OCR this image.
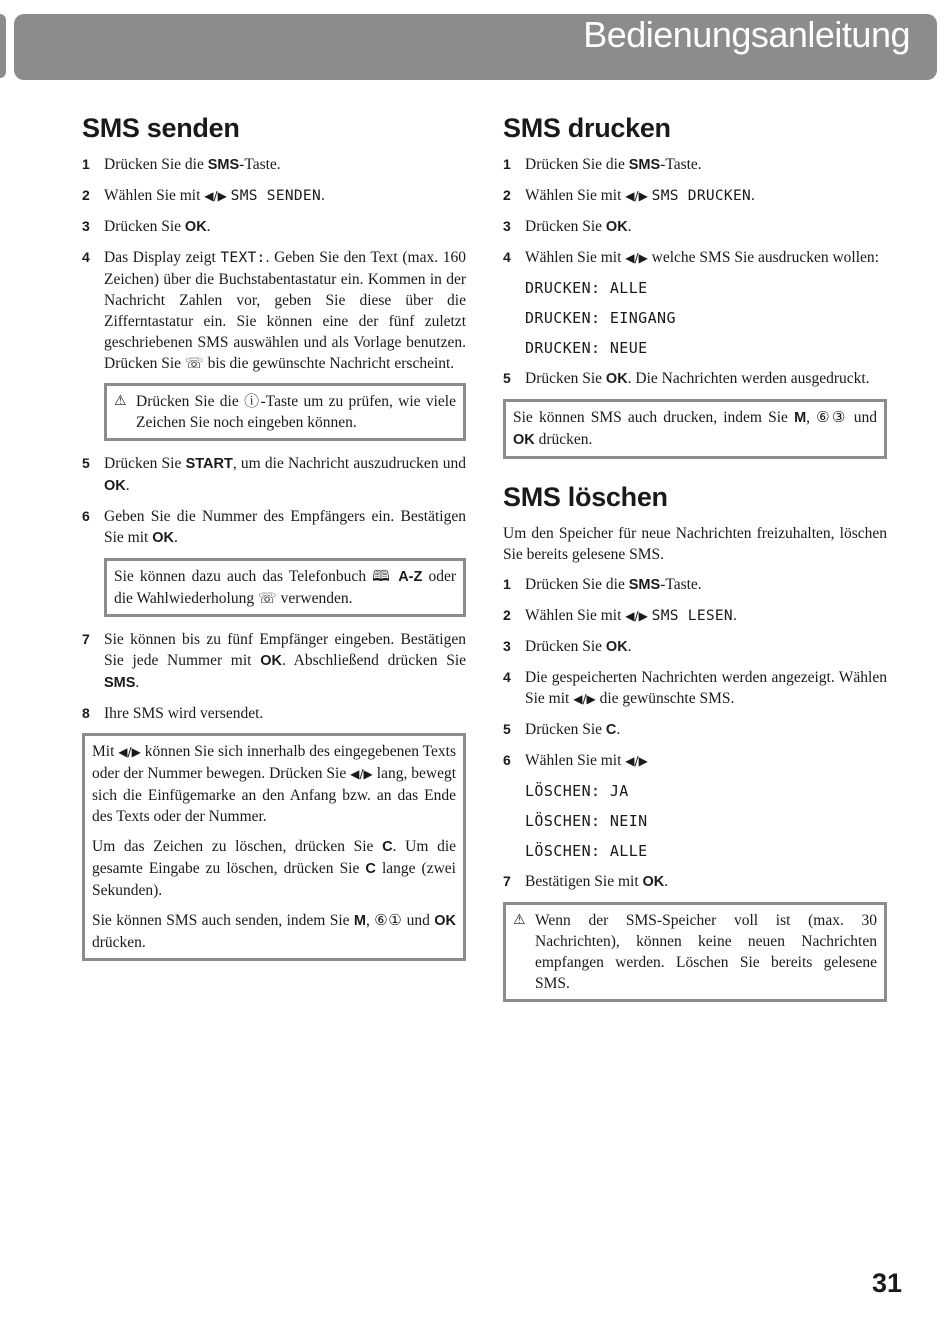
Bedienungsanleitung
SMS senden
1 Drücken Sie die SMS-Taste.
2 Wählen Sie mit ◀/▶ SMS SENDEN.
3 Drücken Sie OK.
4 Das Display zeigt TEXT:. Geben Sie den Text (max. 160 Zeichen) über die Buchstabentastatur ein. Kommen in der Nachricht Zahlen vor, geben Sie diese über die Zifferntastatur ein. Sie können eine der fünf zuletzt geschriebenen SMS auswählen und als Vorlage benutzen. Drücken Sie ☏ bis die gewünschte Nachricht erscheint.
⚠ Drücken Sie die ⓘ-Taste um zu prüfen, wie viele Zeichen Sie noch eingeben können.
5 Drücken Sie START, um die Nachricht auszudrucken und OK.
6 Geben Sie die Nummer des Empfängers ein. Bestätigen Sie mit OK.
Sie können dazu auch das Telefonbuch 🕮 A-Z oder die Wahlwiederholung ☏ verwenden.
7 Sie können bis zu fünf Empfänger eingeben. Bestätigen Sie jede Nummer mit OK. Abschließend drücken Sie SMS.
8 Ihre SMS wird versendet.

Mit ◀/▶ können Sie sich innerhalb des eingegebenen Texts oder der Nummer bewegen. Drücken Sie ◀/▶ lang, bewegt sich die Einfügemarke an den Anfang bzw. an das Ende des Texts oder der Nummer.

Um das Zeichen zu löschen, drücken Sie C. Um die gesamte Eingabe zu löschen, drücken Sie C lange (zwei Sekunden).

Sie können SMS auch senden, indem Sie M, ⑥① und OK drücken.

SMS drucken
1 Drücken Sie die SMS-Taste.
2 Wählen Sie mit ◀/▶ SMS DRUCKEN.
3 Drücken Sie OK.
4 Wählen Sie mit ◀/▶ welche SMS Sie ausdrucken wollen:
DRUCKEN: ALLE
DRUCKEN: EINGANG
DRUCKEN: NEUE
5 Drücken Sie OK. Die Nachrichten werden ausgedruckt.
Sie können SMS auch drucken, indem Sie M, ⑥③ und OK drücken.
SMS löschen
Um den Speicher für neue Nachrichten freizuhalten, löschen Sie bereits gelesene SMS.
1 Drücken Sie die SMS-Taste.
2 Wählen Sie mit ◀/▶ SMS LESEN.
3 Drücken Sie OK.
4 Die gespeicherten Nachrichten werden angezeigt. Wählen Sie mit ◀/▶ die gewünschte SMS.
5 Drücken Sie C.
6 Wählen Sie mit ◀/▶
LÖSCHEN: JA
LÖSCHEN: NEIN
LÖSCHEN: ALLE
7 Bestätigen Sie mit OK.
⚠ Wenn der SMS-Speicher voll ist (max. 30 Nachrichten), können keine neuen Nachrichten empfangen werden. Löschen Sie bereits gelesene SMS.
31
